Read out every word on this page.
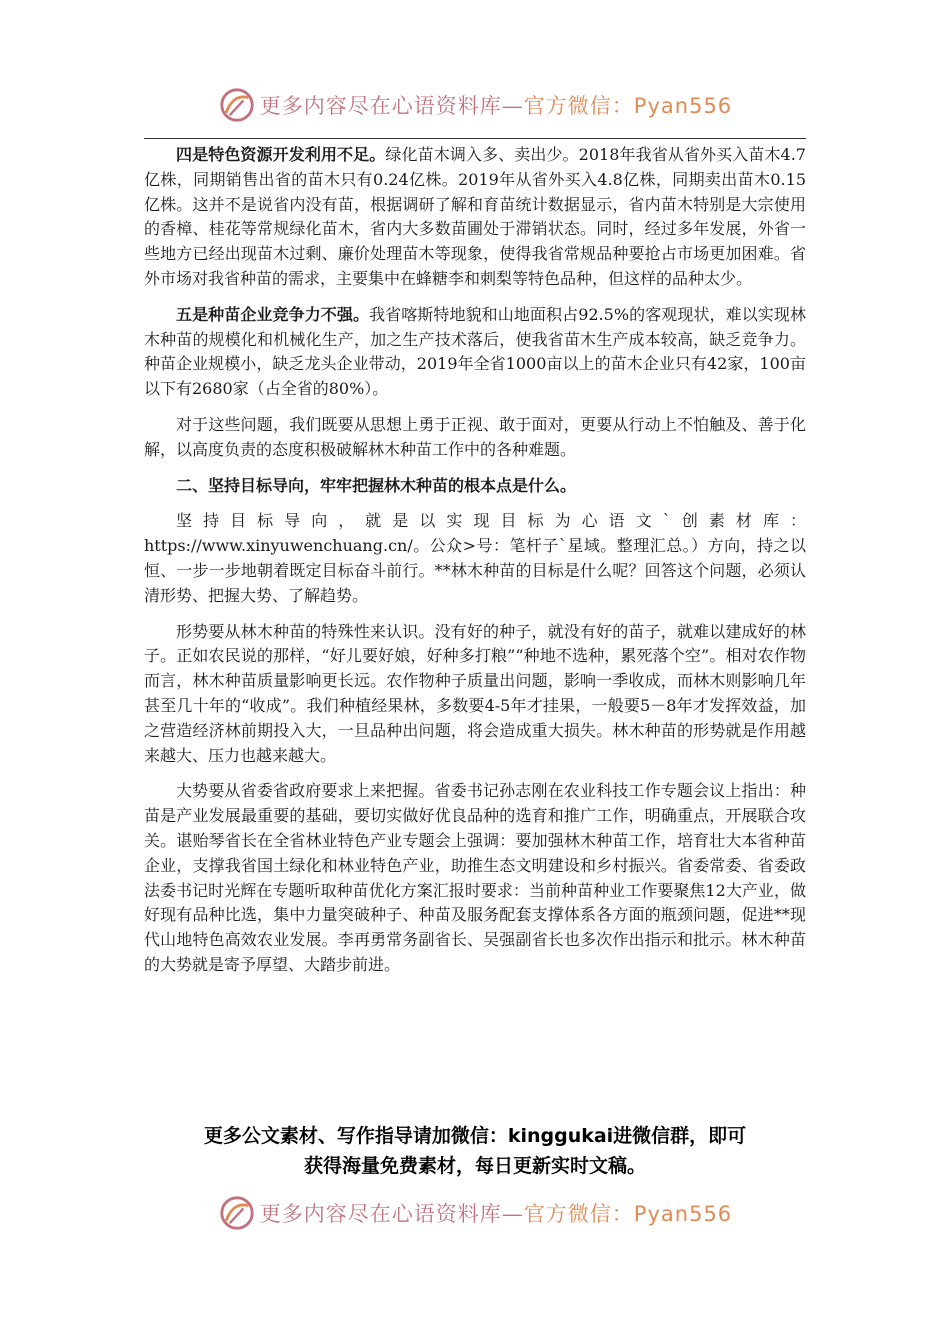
更多内容尽在心语资料库—官方微信：Pyan556

四是特色资源开发利用不足。绿化苗木调入多、卖出少。2018年我省从省外买入苗木4.7亿株，同期销售出省的苗木只有0.24亿株。2019年从省外买入4.8亿株，同期卖出苗木0.15亿株。这并不是说省内没有苗，根据调研了解和育苗统计数据显示，省内苗木特别是大宗使用的香樟、桂花等常规绿化苗木，省内大多数苗圃处于滞销状态。同时，经过多年发展，外省一些地方已经出现苗木过剩、廉价处理苗木等现象，使得我省常规品种要抢占市场更加困难。省外市场对我省种苗的需求，主要集中在蜂糖李和刺梨等特色品种，但这样的品种太少。

五是种苗企业竞争力不强。我省喀斯特地貌和山地面积占92.5%的客观现状，难以实现林木种苗的规模化和机械化生产，加之生产技术落后，使我省苗木生产成本较高，缺乏竞争力。种苗企业规模小，缺乏龙头企业带动，2019年全省1000亩以上的苗木企业只有42家，100亩以下有2680家（占全省的80%）。

对于这些问题，我们既要从思想上勇于正视、敢于面对，更要从行动上不怕触及、善于化解，以高度负责的态度积极破解林木种苗工作中的各种难题。

二、坚持目标导向，牢牢把握林木种苗的根本点是什么。

坚持目标导向，就是以实现目标为心语文`创素材库：https://www.xinyuwenchuang.cn/。公众>号：笔杆子`星域。整理汇总。）方向，持之以恒、一步一步地朝着既定目标奋斗前行。**林木种苗的目标是什么呢？回答这个问题，必须认清形势、把握大势、了解趋势。

形势要从林木种苗的特殊性来认识。没有好的种子，就没有好的苗子，就难以建成好的林子。正如农民说的那样，“好儿要好娘，好种多打粮”“种地不选种，累死落个空”。相对农作物而言，林木种苗质量影响更长远。农作物种子质量出问题，影响一季收成，而林木则影响几年甚至几十年的“收成”。我们种植经果林，多数要4-5年才挂果，一般要5－8年才发挥效益，加之营造经济林前期投入大，一旦品种出问题，将会造成重大损失。林木种苗的形势就是作用越来越大、压力也越来越大。

大势要从省委省政府要求上来把握。省委书记孙志刚在农业科技工作专题会议上指出：种苗是产业发展最重要的基础，要切实做好优良品种的选育和推广工作，明确重点，开展联合攻关。谌贻琴省长在全省林业特色产业专题会上强调：要加强林木种苗工作，培育壮大本省种苗企业，支撑我省国土绿化和林业特色产业，助推生态文明建设和乡村振兴。省委常委、省委政法委书记时光辉在专题听取种苗优化方案汇报时要求：当前种苗种业工作要聚焦12大产业，做好现有品种比选，集中力量突破种子、种苗及服务配套支撑体系各方面的瓶颈问题，促进**现代山地特色高效农业发展。李再勇常务副省长、吴强副省长也多次作出指示和批示。林木种苗的大势就是寄予厚望、大踏步前进。

更多公文素材、写作指导请加微信：kinggukai进微信群，即可
获得海量免费素材，每日更新实时文稿。
更多内容尽在心语资料库—官方微信：Pyan556
